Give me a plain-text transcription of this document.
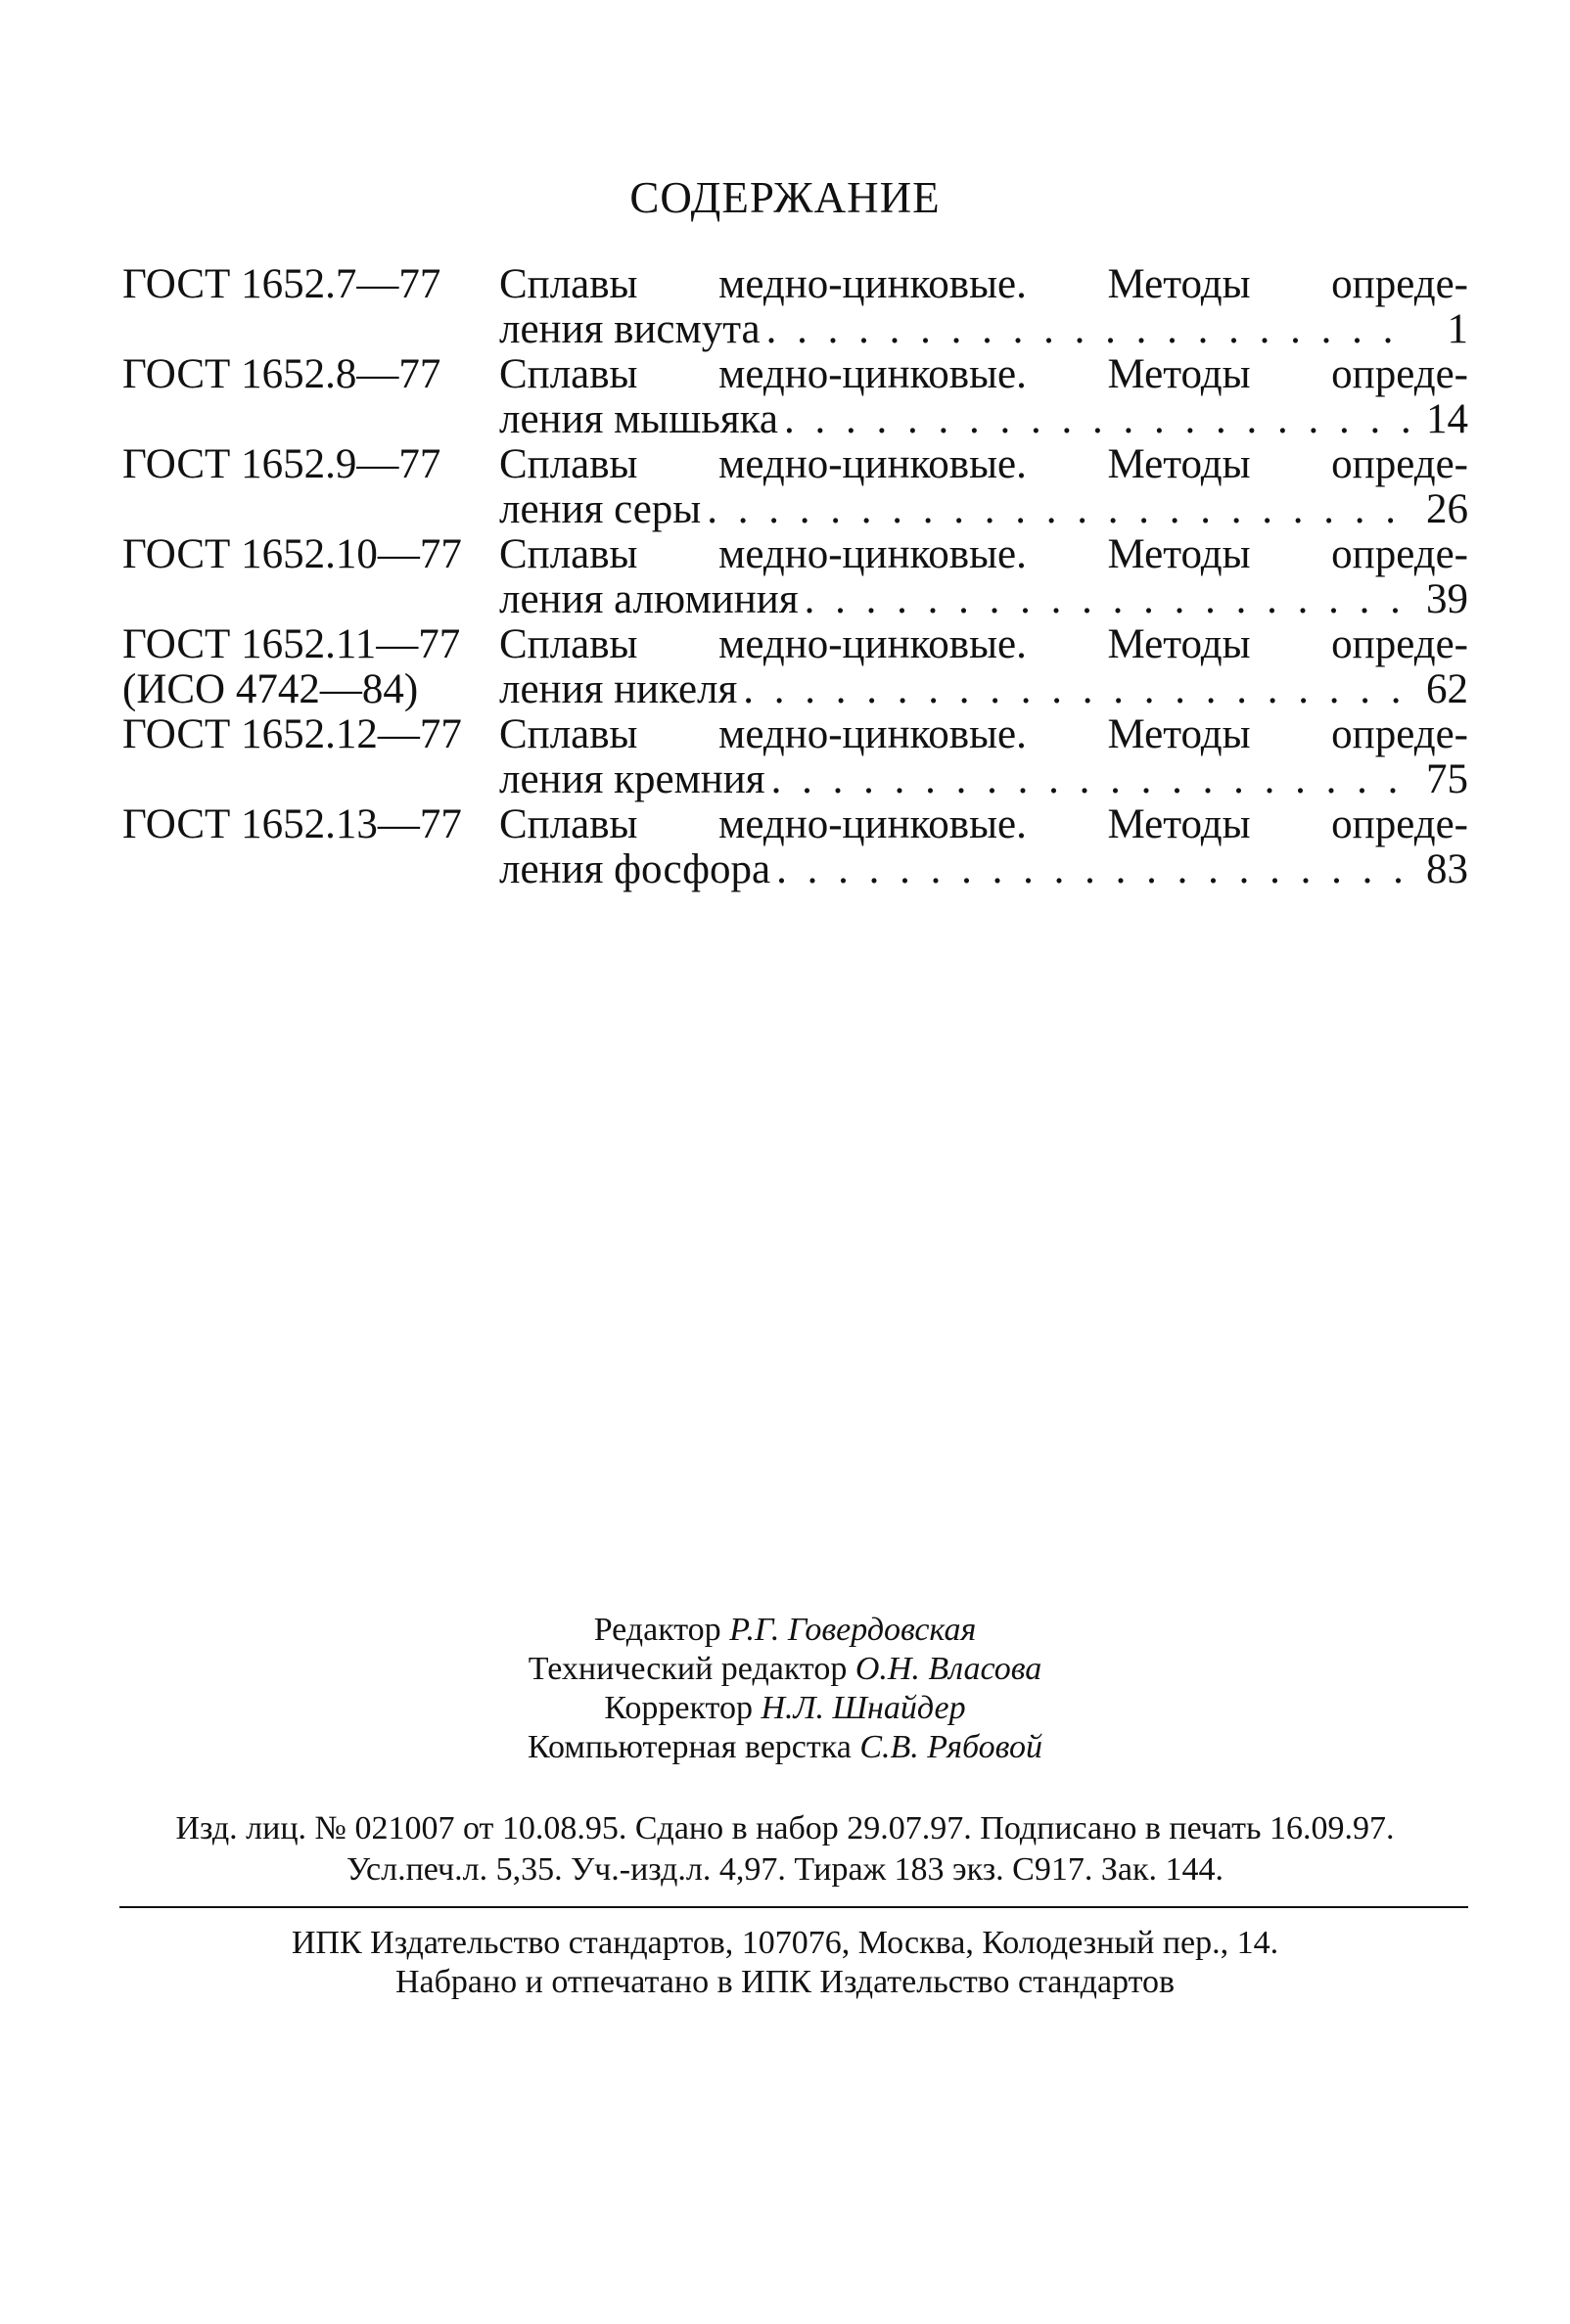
СОДЕРЖАНИЕ
ГОСТ 1652.7—77	Сплавы медно-цинковые. Методы опреде-
ления висмута . . .	1
ГОСТ 1652.8—77	Сплавы медно-цинковые. Методы опреде-
ления мышьяка . . .	14
ГОСТ 1652.9—77	Сплавы медно-цинковые. Методы опреде-
ления серы . . .	26
ГОСТ 1652.10—77 Сплавы медно-цинковые. Методы опреде-
ления алюминия . . .	39
ГОСТ 1652.11—77
(ИСО 4742—84)
Сплавы медно-цинковые. Методы опреде-
ления никеля . . .	62
ГОСТ 1652.12—77 Сплавы медно-цинковые. Методы опреде-
ления кремния . . .	75
ГОСТ 1652.13—77 Сплавы медно-цинковые. Методы опреде-
ления фосфора . . .	83
Редактор Р.Г. Говердовская
Технический редактор О.Н. Власова
Корректор Н.Л. Шнайдер
Компьютерная верстка С.В. Рябовой
Изд. лиц. № 021007 от 10.08.95. Сдано в набор 29.07.97. Подписано в печать 16.09.97.
Усл.печ.л. 5,35. Уч.-изд.л. 4,97. Тираж 183 экз. С917. Зак. 144.
ИПК Издательство стандартов, 107076, Москва, Колодезный пер., 14.
Набрано и отпечатано в ИПК Издательство стандартов
